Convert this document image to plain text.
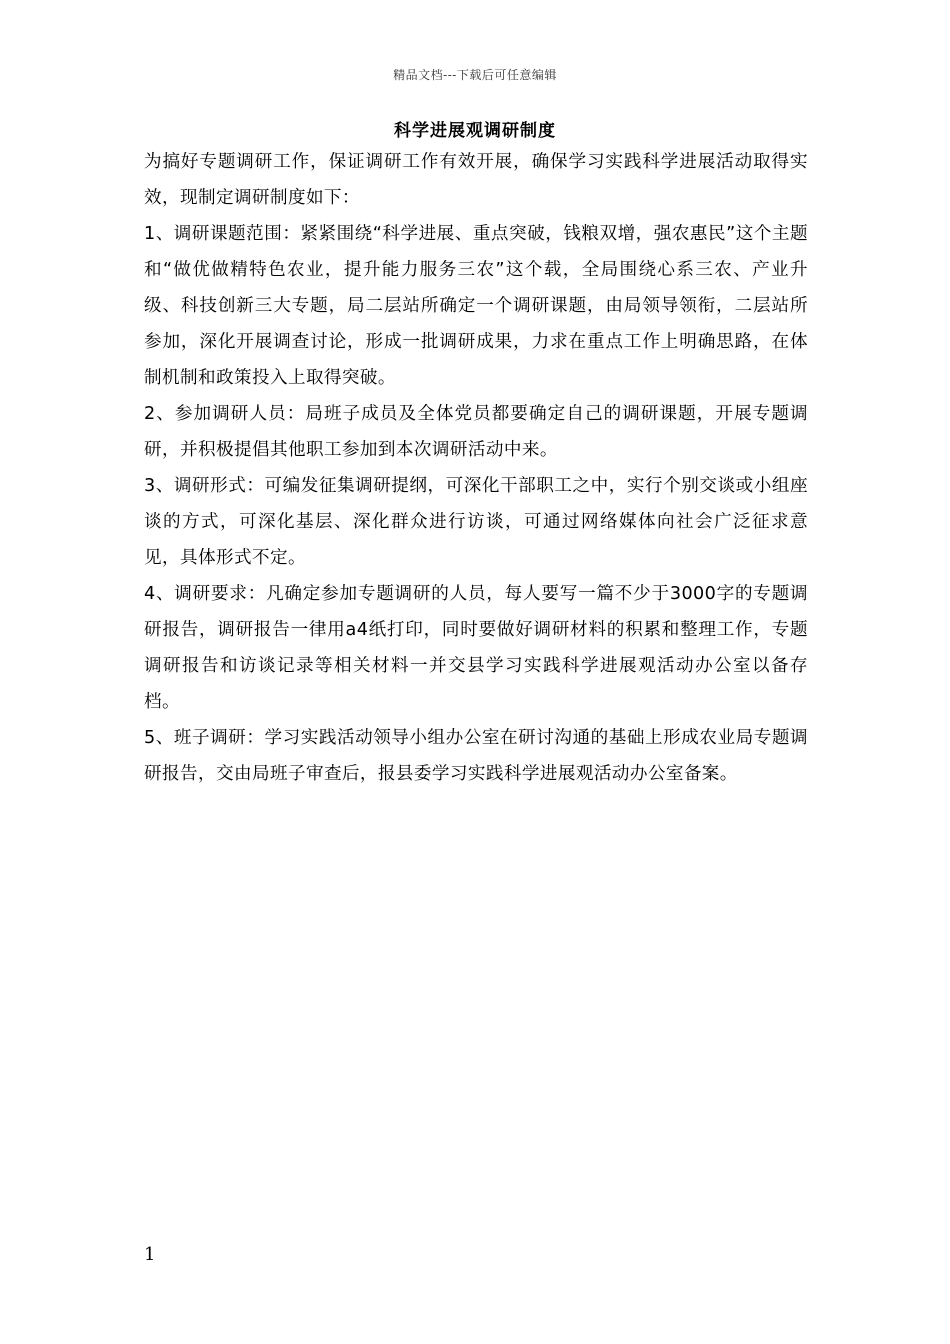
精品文档---下载后可任意编辑
科学进展观调研制度

为搞好专题调研工作，保证调研工作有效开展，确保学习实践科学进展活动取得实效，现制定调研制度如下：

1、调研课题范围：紧紧围绕“科学进展、重点突破，钱粮双增，强农惠民”这个主题和“做优做精特色农业，提升能力服务三农”这个载，全局围绕心系三农、产业升级、科技创新三大专题，局二层站所确定一个调研课题，由局领导领衔，二层站所参加，深化开展调查讨论，形成一批调研成果，力求在重点工作上明确思路，在体制机制和政策投入上取得突破。

2、参加调研人员：局班子成员及全体党员都要确定自己的调研课题，开展专题调研，并积极提倡其他职工参加到本次调研活动中来。

3、调研形式：可编发征集调研提纲，可深化干部职工之中，实行个别交谈或小组座谈的方式，可深化基层、深化群众进行访谈，可通过网络媒体向社会广泛征求意见，具体形式不定。

4、调研要求：凡确定参加专题调研的人员，每人要写一篇不少于3000字的专题调研报告，调研报告一律用a4纸打印，同时要做好调研材料的积累和整理工作，专题调研报告和访谈记录等相关材料一并交县学习实践科学进展观活动办公室以备存档。

5、班子调研：学习实践活动领导小组办公室在研讨沟通的基础上形成农业局专题调研报告，交由局班子审查后，报县委学习实践科学进展观活动办公室备案。

1
